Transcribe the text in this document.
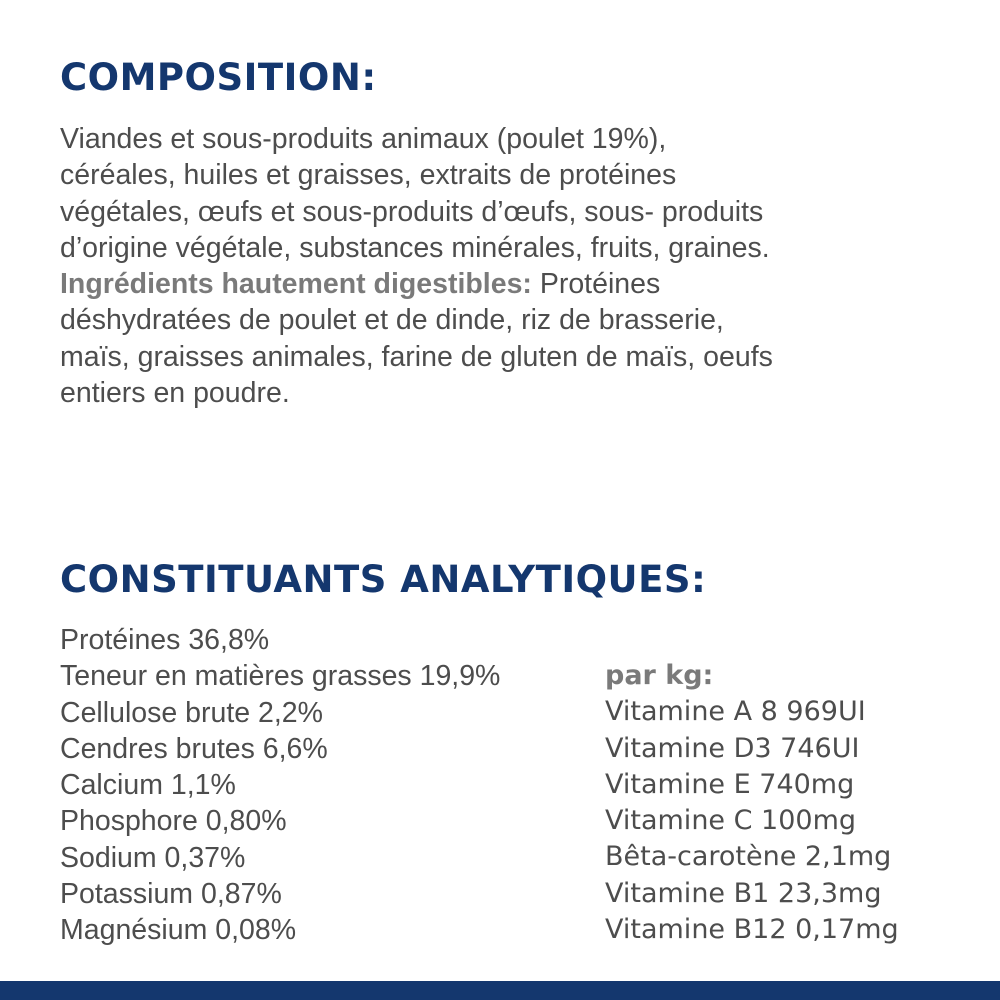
COMPOSITION:

Viandes et sous-produits animaux (poulet 19%),
céréales, huiles et graisses, extraits de protéines
végétales, œufs et sous-produits d’œufs, sous- produits
d’origine végétale, substances minérales, fruits, graines.
Ingrédients hautement digestibles: Protéines
déshydratées de poulet et de dinde, riz de brasserie,
maïs, graisses animales, farine de gluten de maïs, oeufs
entiers en poudre.

CONSTITUANTS ANALYTIQUES:
Protéines 36,8%
Teneur en matières grasses 19,9%
Cellulose brute 2,2%
Cendres brutes 6,6%
Calcium 1,1%
Phosphore 0,80%
Sodium 0,37%
Potassium 0,87%
Magnésium 0,08%
par kg:
Vitamine A 8 969UI
Vitamine D3 746UI
Vitamine E 740mg
Vitamine C 100mg
Bêta-carotène 2,1mg
Vitamine B1 23,3mg
Vitamine B12 0,17mg
